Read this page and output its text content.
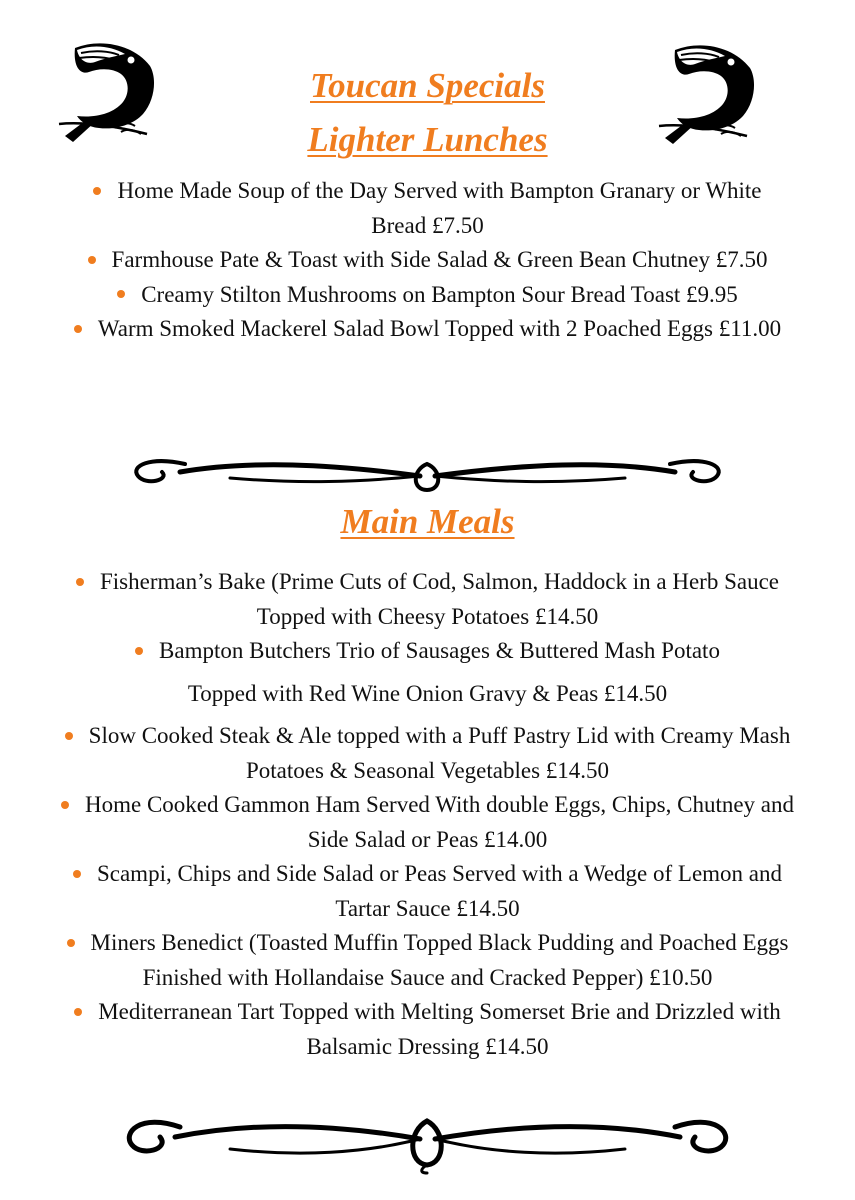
Toucan Specials
Lighter Lunches
Home Made Soup of the Day Served with Bampton Granary or White Bread £7.50
Farmhouse Pate & Toast with Side Salad & Green Bean Chutney £7.50
Creamy Stilton Mushrooms on Bampton Sour Bread Toast £9.95
Warm Smoked Mackerel Salad Bowl Topped with 2 Poached Eggs £11.00
Main Meals
Fisherman’s Bake (Prime Cuts of Cod, Salmon, Haddock in a Herb Sauce Topped with Cheesy Potatoes £14.50
Bampton Butchers Trio of Sausages & Buttered Mash Potato
Topped with Red Wine Onion Gravy & Peas £14.50
Slow Cooked Steak & Ale topped with a Puff Pastry Lid with Creamy Mash Potatoes & Seasonal Vegetables £14.50
Home Cooked Gammon Ham Served With double Eggs, Chips, Chutney and Side Salad or Peas £14.00
Scampi, Chips and Side Salad or Peas Served with a Wedge of Lemon and Tartar Sauce £14.50
Miners Benedict (Toasted Muffin Topped Black Pudding and Poached Eggs Finished with Hollandaise Sauce and Cracked Pepper) £10.50
Mediterranean Tart Topped with Melting Somerset Brie and Drizzled with Balsamic Dressing £14.50
